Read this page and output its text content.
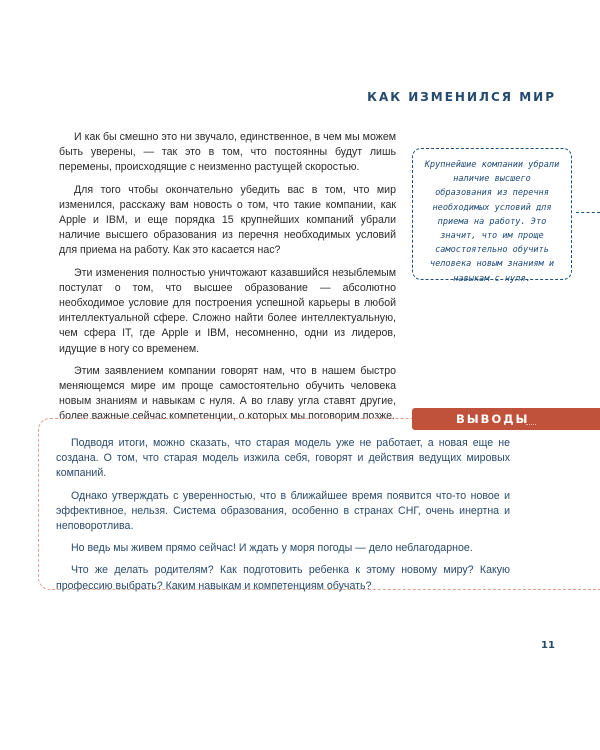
КАК ИЗМЕНИЛСЯ МИР

И как бы смешно это ни звучало, единственное, в чем мы можем быть уверены, — так это в том, что постоянны будут лишь перемены, происходящие с неизменно растущей скоростью.

Для того чтобы окончательно убедить вас в том, что мир изменился, расскажу вам новость о том, что такие компании, как Apple и IBM, и еще порядка 15 крупнейших компаний убрали наличие высшего образования из перечня необходимых условий для приема на работу. Как это касается нас?

Эти изменения полностью уничтожают казавшийся незыблемым постулат о том, что высшее образование — абсолютно необходимое условие для построения успешной карьеры в любой интеллектуальной сфере. Сложно найти более интеллектуальную, чем сфера IT, где Apple и IBM, несомненно, одни из лидеров, идущие в ногу со временем.

Этим заявлением компании говорят нам, что в нашем быстро меняющемся мире им проще самостоятельно обучить человека новым знаниям и навыкам с нуля. А во главу угла ставят другие, более важные сейчас компетенции, о которых мы поговорим позже.

Крупнейшие компании убрали наличие высшего образования из перечня необходимых условий для приема на работу. Это значит, что им проще самостоятельно обучить человека новым знаниям и навыкам с нуля.
ВЫВОДЫ

Подводя итоги, можно сказать, что старая модель уже не работает, а новая еще не создана. О том, что старая модель изжила себя, говорят и действия ведущих мировых компаний.

Однако утверждать с уверенностью, что в ближайшее время появится что-то новое и эффективное, нельзя. Система образования, особенно в странах СНГ, очень инертна и неповоротлива.

Но ведь мы живем прямо сейчас! И ждать у моря погоды — дело неблагодарное.

Что же делать родителям? Как подготовить ребенка к этому новому миру? Какую профессию выбрать? Каким навыкам и компетенциям обучать?

11
